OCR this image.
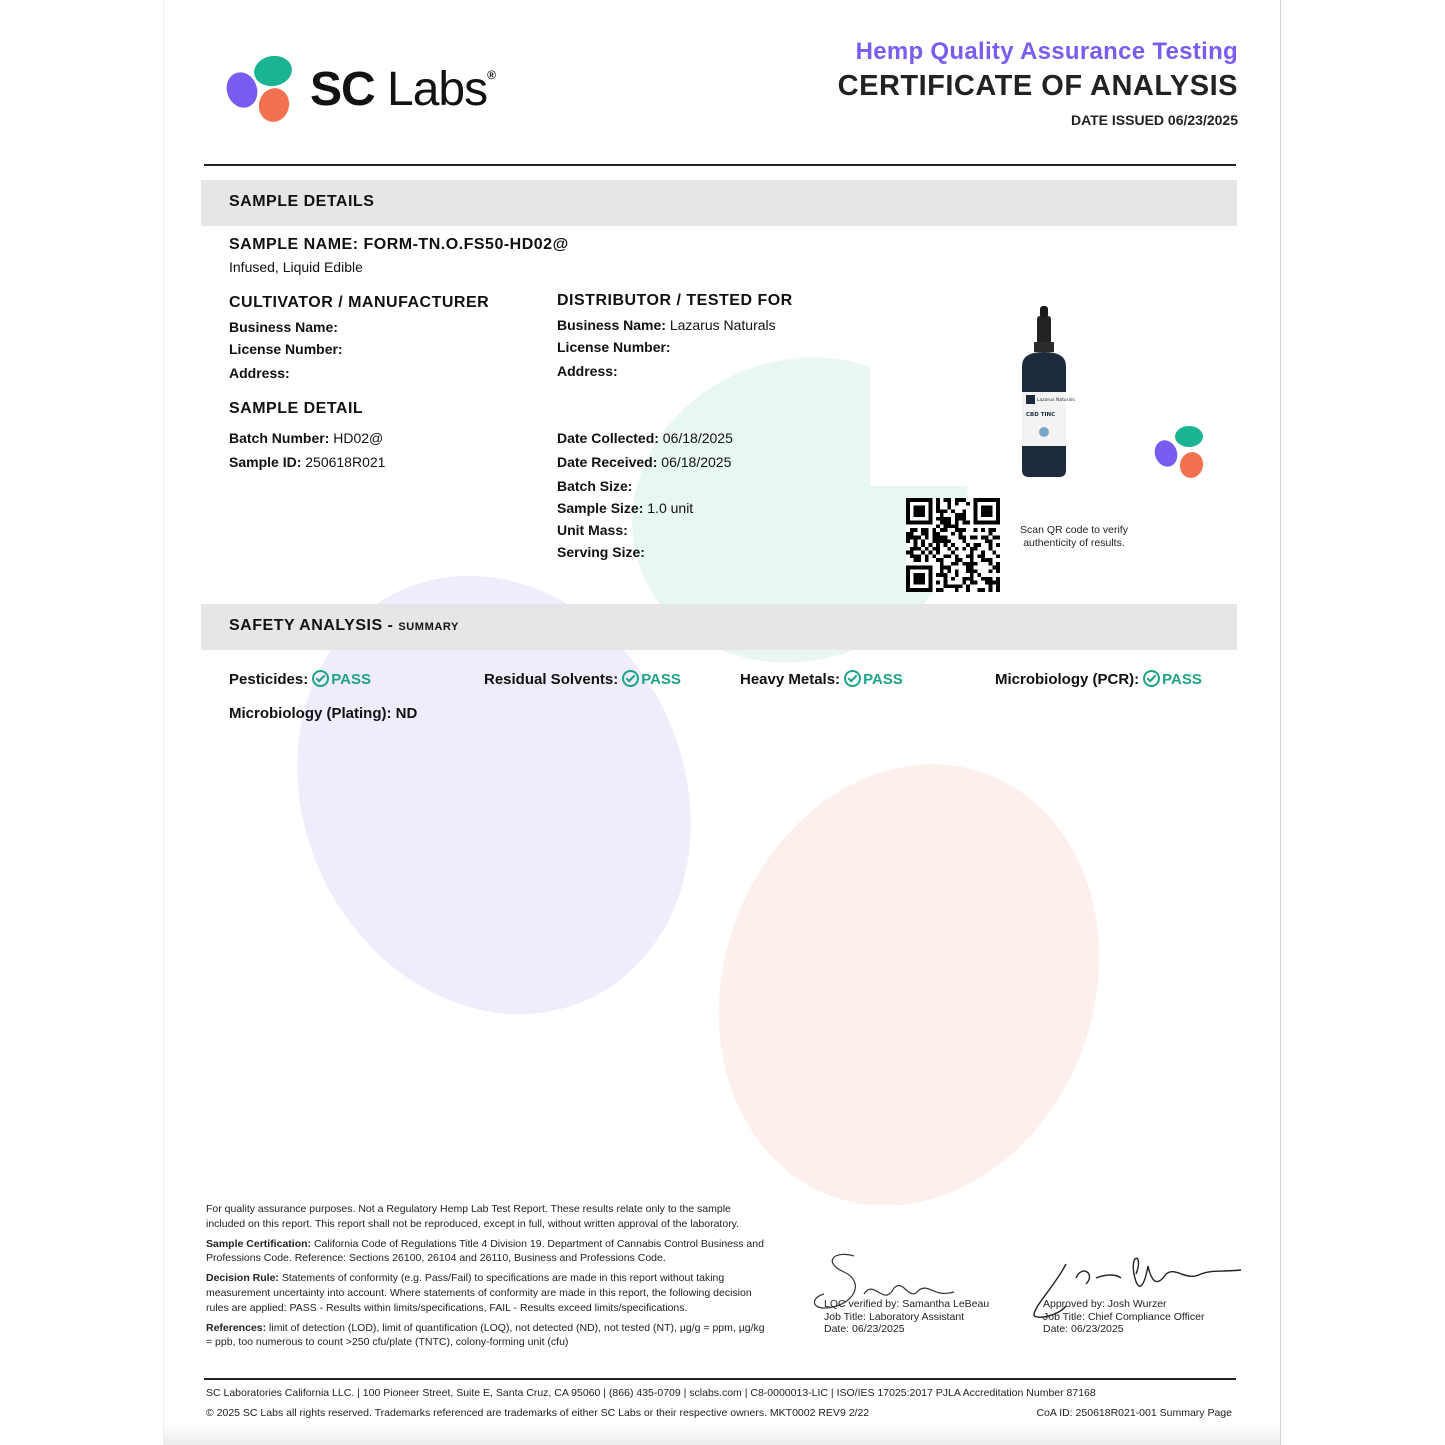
SC Labs®
Hemp Quality Assurance Testing
CERTIFICATE OF ANALYSIS
DATE ISSUED 06/23/2025
SAMPLE DETAILS
SAMPLE NAME: FORM-TN.O.FS50-HD02@
Infused, Liquid Edible
CULTIVATOR / MANUFACTURER
Business Name:
License Number:
Address:
DISTRIBUTOR / TESTED FOR
Business Name: Lazarus Naturals
License Number:
Address:
SAMPLE DETAIL
Batch Number: HD02@
Sample ID: 250618R021
Date Collected: 06/18/2025
Date Received: 06/18/2025
Batch Size:
Sample Size: 1.0 unit
Unit Mass:
Serving Size:
Lazarus Naturals
CBD TINC
Scan QR code to verify
authenticity of results.
SAFETY ANALYSIS - SUMMARY
Pesticides: PASS	Residual Solvents: PASS	Heavy Metals: PASS	Microbiology (PCR): PASS
Microbiology (Plating): ND

For quality assurance purposes. Not a Regulatory Hemp Lab Test Report. These results relate only to the sample included on this report. This report shall not be reproduced, except in full, without written approval of the laboratory.

Sample Certification: California Code of Regulations Title 4 Division 19. Department of Cannabis Control Business and Professions Code. Reference: Sections 26100, 26104 and 26110, Business and Professions Code.

Decision Rule: Statements of conformity (e.g. Pass/Fail) to specifications are made in this report without taking measurement uncertainty into account. Where statements of conformity are made in this report, the following decision rules are applied: PASS - Results within limits/specifications, FAIL - Results exceed limits/specifications.

References: limit of detection (LOD), limit of quantification (LOQ), not detected (ND), not tested (NT), µg/g = ppm, µg/kg = ppb, too numerous to count >250 cfu/plate (TNTC), colony-forming unit (cfu)

LQC verified by: Samantha LeBeau
Job Title: Laboratory Assistant
Date: 06/23/2025
Approved by: Josh Wurzer
Job Title: Chief Compliance Officer
Date: 06/23/2025
SC Laboratories California LLC. | 100 Pioneer Street, Suite E, Santa Cruz, CA 95060 | (866) 435-0709 | sclabs.com | C8-0000013-LIC | ISO/IES 17025:2017 PJLA Accreditation Number 87168
© 2025 SC Labs all rights reserved. Trademarks referenced are trademarks of either SC Labs or their respective owners. MKT0002 REV9 2/22	CoA ID: 250618R021-001 Summary Page
